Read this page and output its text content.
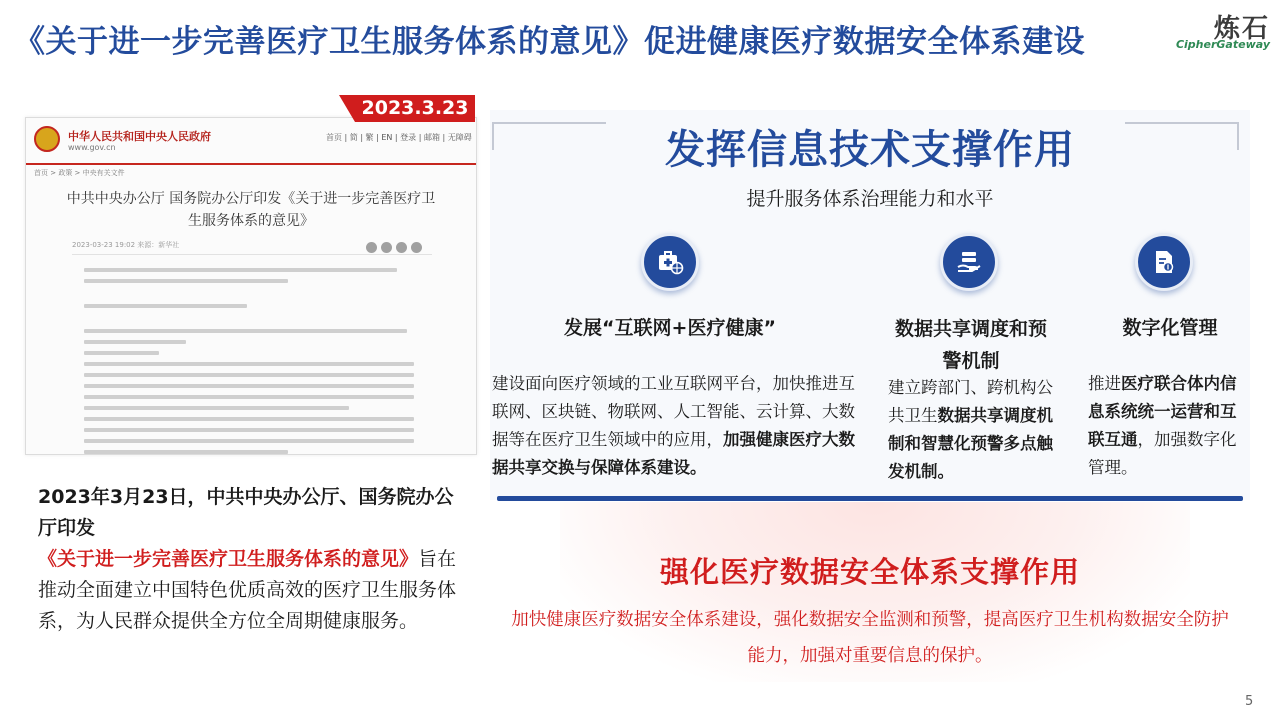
《关于进一步完善医疗卫生服务体系的意见》促进健康医疗数据安全体系建设	炼石
CipherGateway
中华人民共和国中央人民政府
www.gov.cn
首页 | 简 | 繁 | EN | 登录 | 邮箱 | 无障碍
首页 > 政策 > 中央有关文件
中共中央办公厅 国务院办公厅印发《关于进一步完善医疗卫生服务体系的意见》
2023-03-23 19:02 来源：新华社
2023.3.23
2023年3月23日，中共中央办公厅、国务院办公厅印发《关于进一步完善医疗卫生服务体系的意见》旨在推动全面建立中国特色优质高效的医疗卫生服务体系，为人民群众提供全方位全周期健康服务。
发挥信息技术支撑作用
提升服务体系治理能力和水平
发展“互联网+医疗健康”	数据共享调度和预警机制
数字化管理
建设面向医疗领域的工业互联网平台，加快推进互联网、区块链、物联网、人工智能、云计算、大数据等在医疗卫生领域中的应用，加强健康医疗大数据共享交换与保障体系建设。
建立跨部门、跨机构公共卫生数据共享调度机制和智慧化预警多点触发机制。
推进医疗联合体内信息系统统一运营和互联互通，加强数字化管理。
强化医疗数据安全体系支撑作用
加快健康医疗数据安全体系建设，强化数据安全监测和预警，提高医疗卫生机构数据安全防护能力，加强对重要信息的保护。
5
